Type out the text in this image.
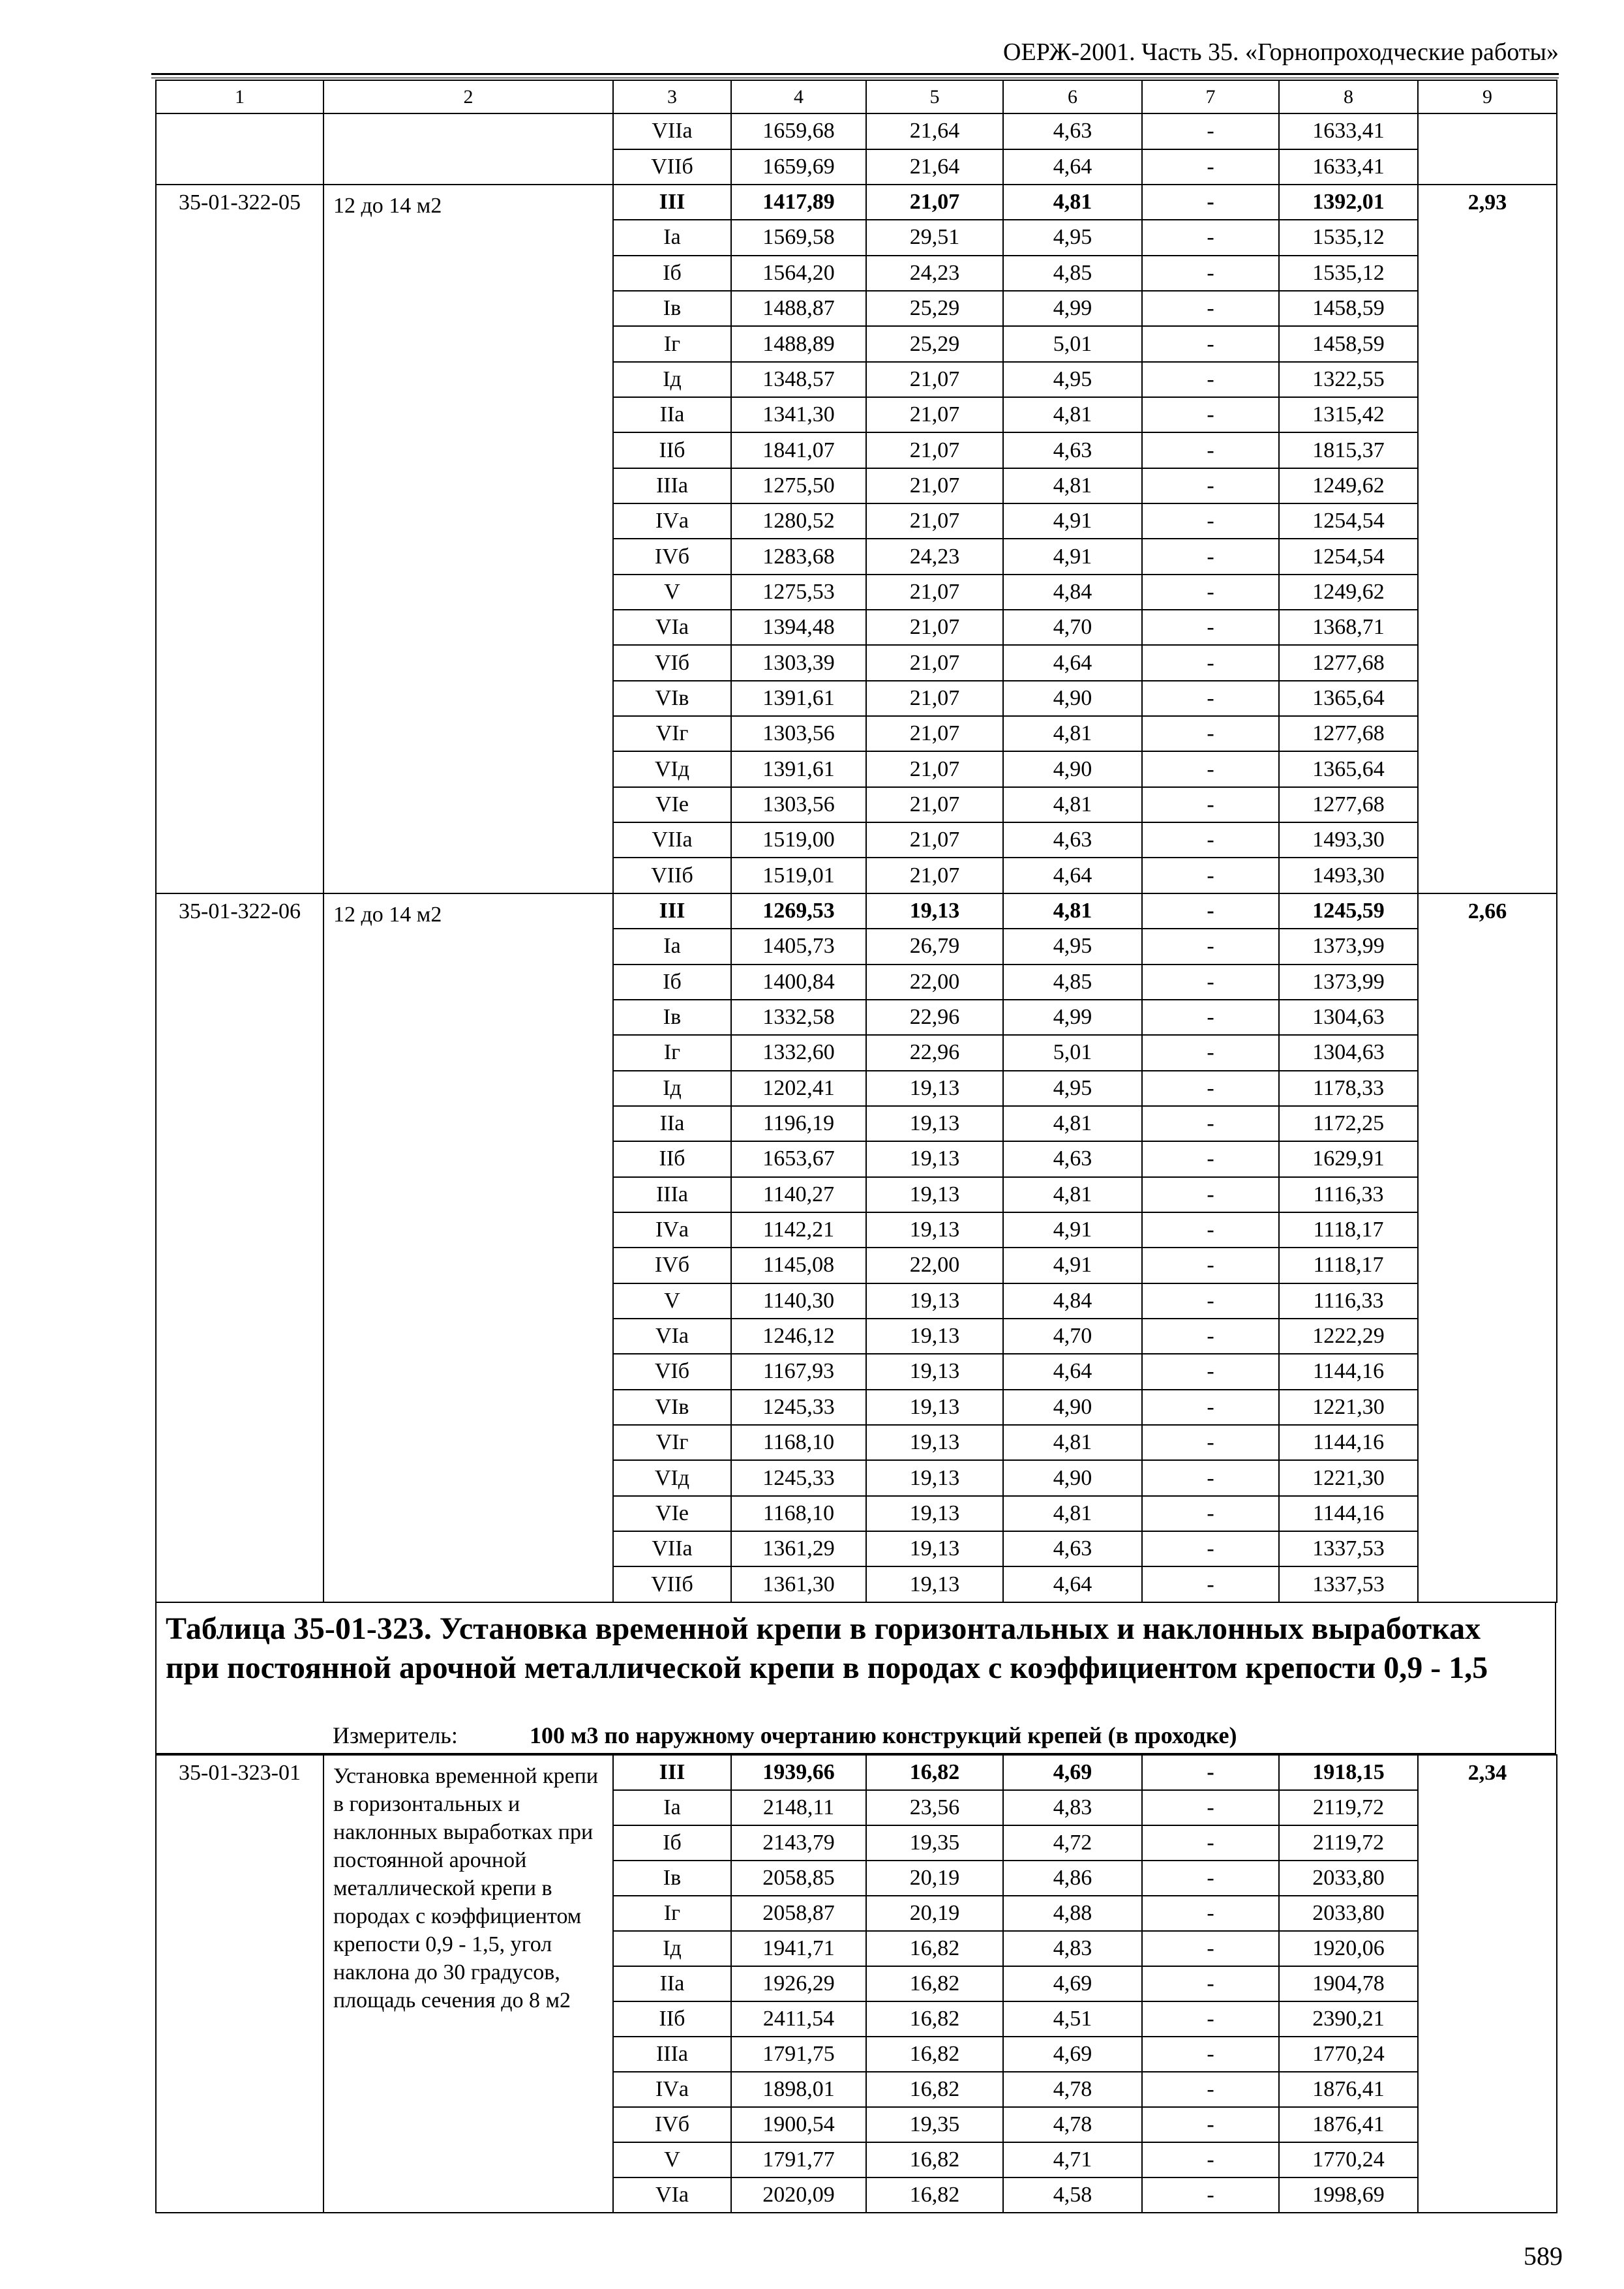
ОЕРЖ-2001. Часть 35. «Горнопроходческие работы»
1	2	3	4	5	6	7	8	9
		VIIа	1659,68	21,64	4,63	-	1633,41	
		VIIб	1659,69	21,64	4,64	-	1633,41	
35-01-322-05	12 до 14 м2	III	1417,89	21,07	4,81	-	1392,01	2,93
		Iа	1569,58	29,51	4,95	-	1535,12	
		Iб	1564,20	24,23	4,85	-	1535,12	
		Iв	1488,87	25,29	4,99	-	1458,59	
		Iг	1488,89	25,29	5,01	-	1458,59	
		Iд	1348,57	21,07	4,95	-	1322,55	
		IIа	1341,30	21,07	4,81	-	1315,42	
		IIб	1841,07	21,07	4,63	-	1815,37	
		IIIа	1275,50	21,07	4,81	-	1249,62	
		IVа	1280,52	21,07	4,91	-	1254,54	
		IVб	1283,68	24,23	4,91	-	1254,54	
		V	1275,53	21,07	4,84	-	1249,62	
		VIа	1394,48	21,07	4,70	-	1368,71	
		VIб	1303,39	21,07	4,64	-	1277,68	
		VIв	1391,61	21,07	4,90	-	1365,64	
		VIг	1303,56	21,07	4,81	-	1277,68	
		VIд	1391,61	21,07	4,90	-	1365,64	
		VIе	1303,56	21,07	4,81	-	1277,68	
		VIIа	1519,00	21,07	4,63	-	1493,30	
		VIIб	1519,01	21,07	4,64	-	1493,30	
35-01-322-06	12 до 14 м2	III	1269,53	19,13	4,81	-	1245,59	2,66
		Iа	1405,73	26,79	4,95	-	1373,99	
		Iб	1400,84	22,00	4,85	-	1373,99	
		Iв	1332,58	22,96	4,99	-	1304,63	
		Iг	1332,60	22,96	5,01	-	1304,63	
		Iд	1202,41	19,13	4,95	-	1178,33	
		IIа	1196,19	19,13	4,81	-	1172,25	
		IIб	1653,67	19,13	4,63	-	1629,91	
		IIIа	1140,27	19,13	4,81	-	1116,33	
		IVа	1142,21	19,13	4,91	-	1118,17	
		IVб	1145,08	22,00	4,91	-	1118,17	
		V	1140,30	19,13	4,84	-	1116,33	
		VIа	1246,12	19,13	4,70	-	1222,29	
		VIб	1167,93	19,13	4,64	-	1144,16	
		VIв	1245,33	19,13	4,90	-	1221,30	
		VIг	1168,10	19,13	4,81	-	1144,16	
		VIд	1245,33	19,13	4,90	-	1221,30	
		VIе	1168,10	19,13	4,81	-	1144,16	
		VIIа	1361,29	19,13	4,63	-	1337,53	
		VIIб	1361,30	19,13	4,64	-	1337,53	
Таблица 35-01-323. Установка временной крепи в горизонтальных и наклонных выработках при постоянной арочной металлической крепи в породах с коэффициентом крепости 0,9 - 1,5
Измеритель:	100 м3 по наружному очертанию конструкций крепей (в проходке)
35-01-323-01	Установка временной крепи в горизонтальных и наклонных выработках при постоянной арочной металлической крепи в породах с коэффициентом крепости 0,9 - 1,5, угол наклона до 30 градусов, площадь сечения до 8 м2	III	1939,66	16,82	4,69	-	1918,15	2,34
		Iа	2148,11	23,56	4,83	-	2119,72	
		Iб	2143,79	19,35	4,72	-	2119,72	
		Iв	2058,85	20,19	4,86	-	2033,80	
		Iг	2058,87	20,19	4,88	-	2033,80	
		Iд	1941,71	16,82	4,83	-	1920,06	
		IIа	1926,29	16,82	4,69	-	1904,78	
		IIб	2411,54	16,82	4,51	-	2390,21	
		IIIа	1791,75	16,82	4,69	-	1770,24	
		IVа	1898,01	16,82	4,78	-	1876,41	
		IVб	1900,54	19,35	4,78	-	1876,41	
		V	1791,77	16,82	4,71	-	1770,24	
		VIа	2020,09	16,82	4,58	-	1998,69	
589
